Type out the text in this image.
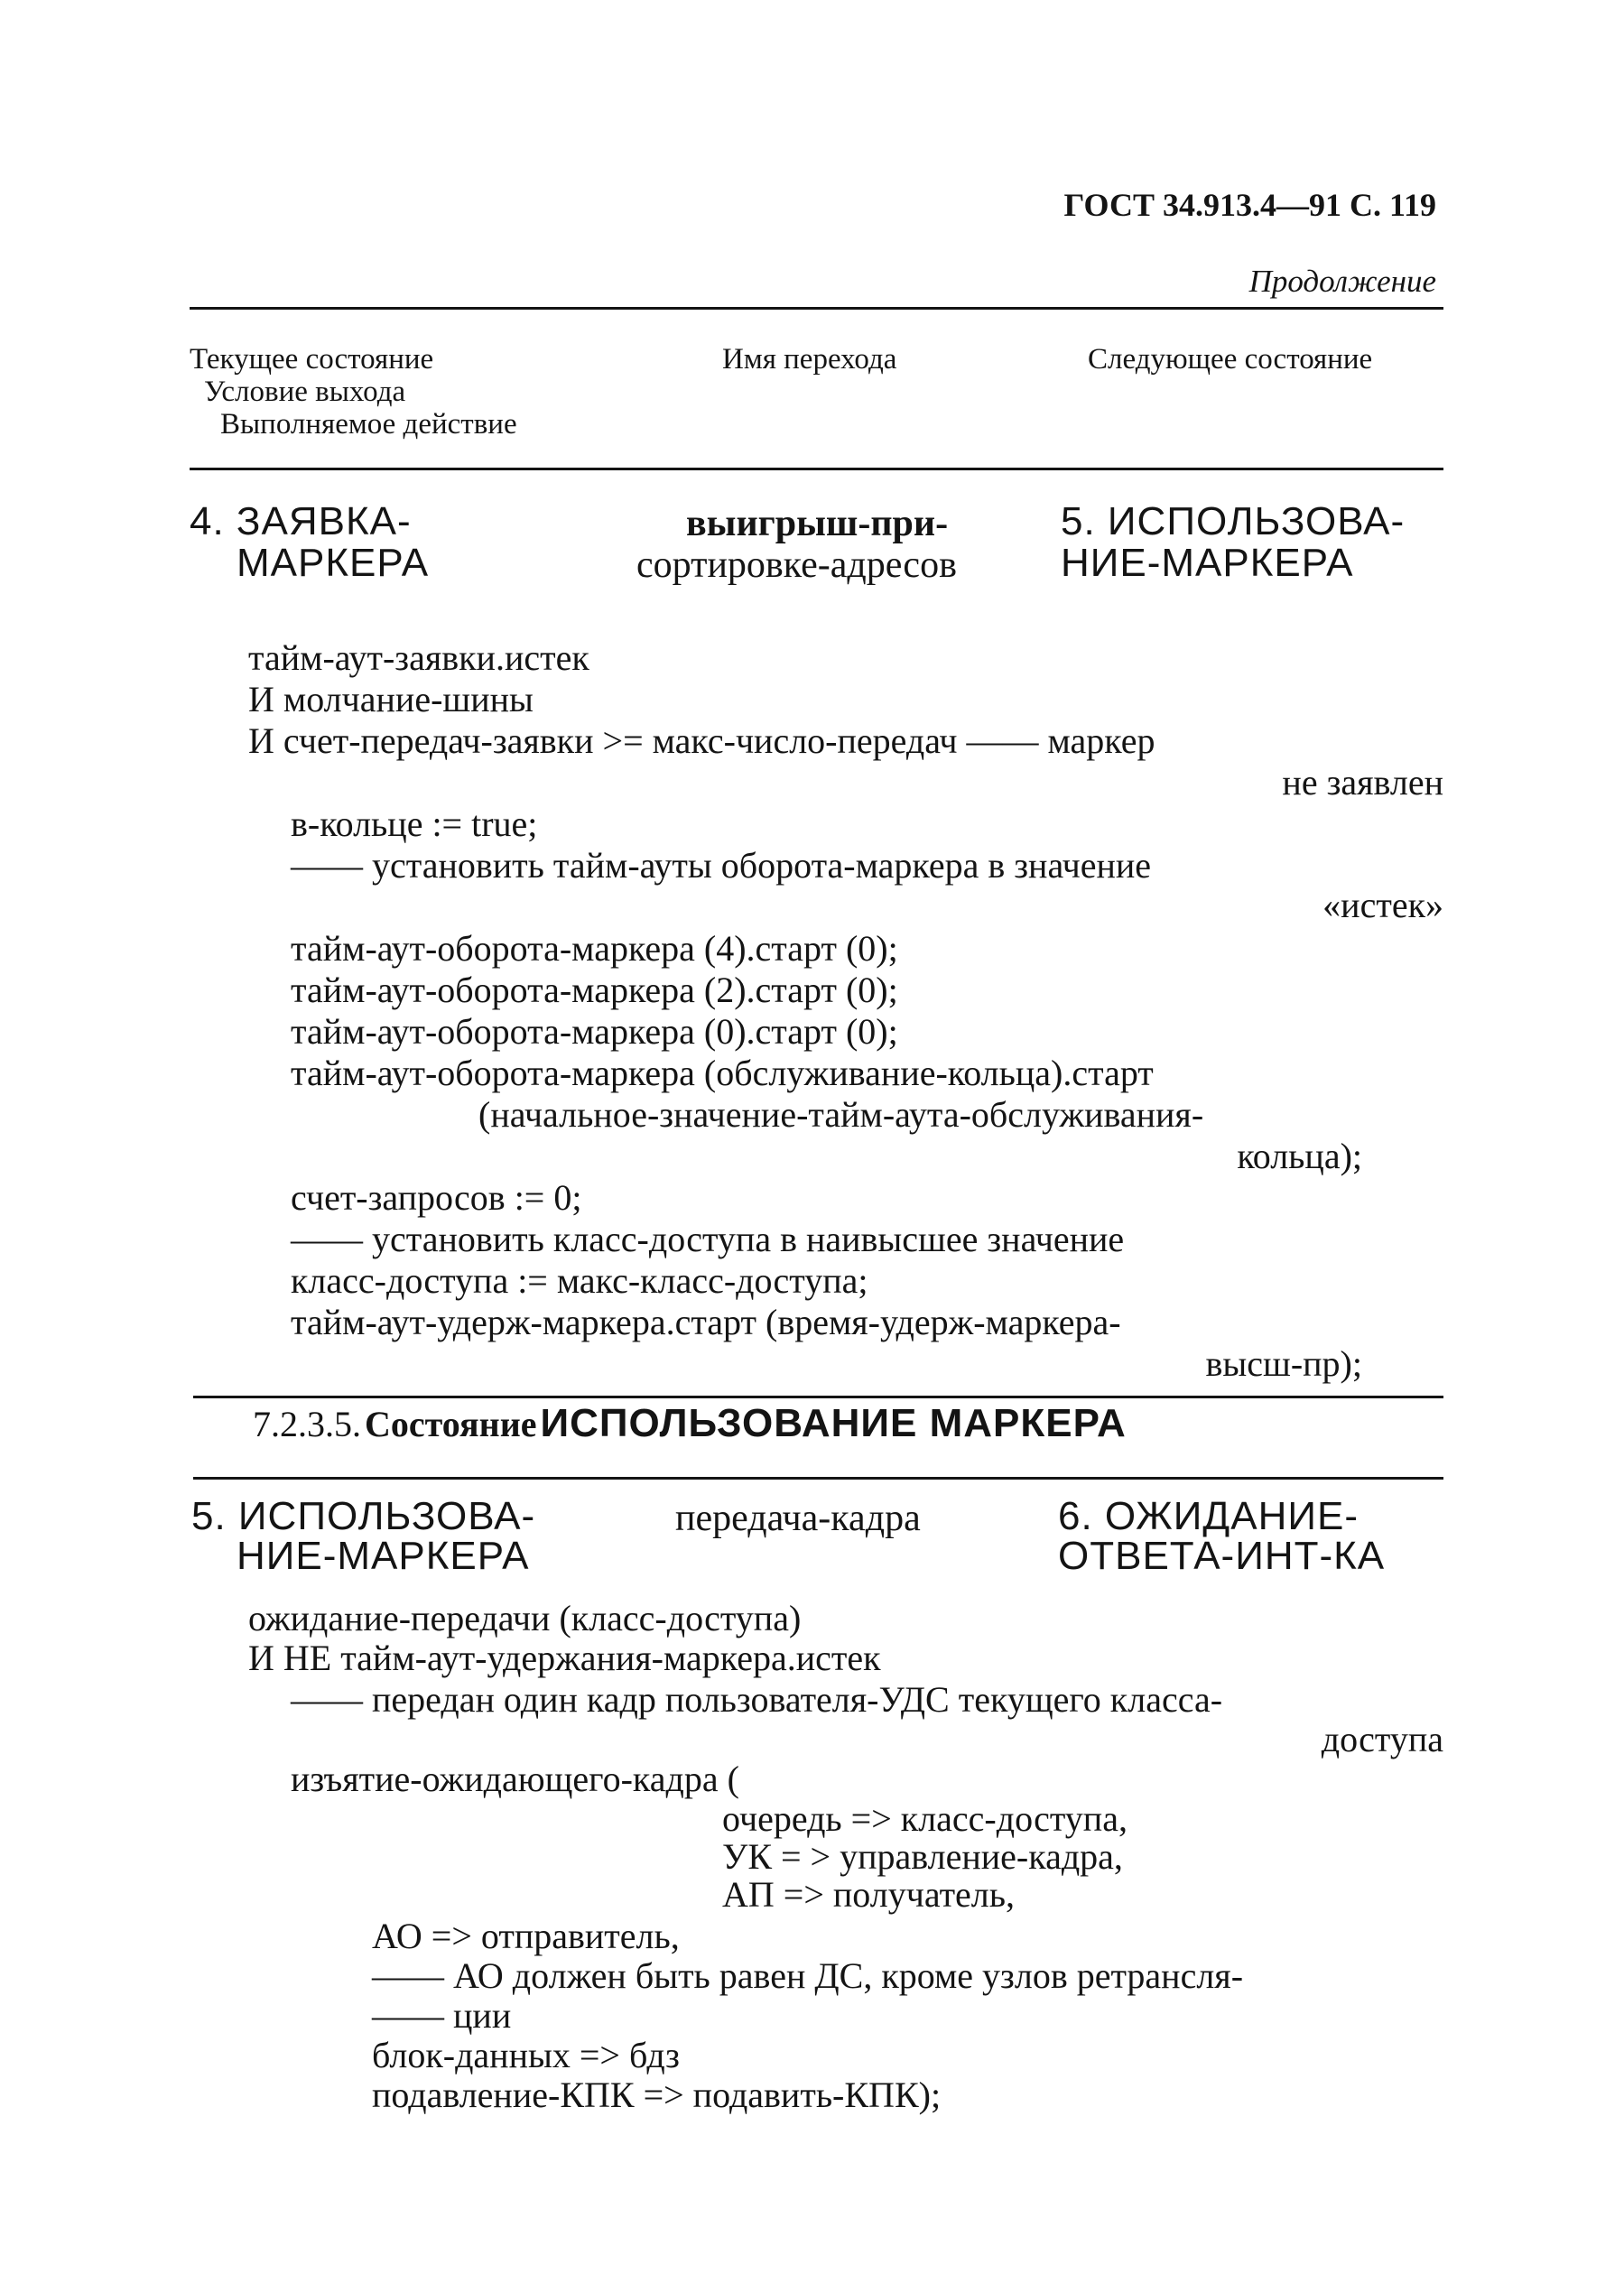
ГОСТ 34.913.4—91 С. 119
Продолжение
Текущее состояние
Условие выхода
Выполняемое действие
Имя перехода	Следующее состояние
4. ЗАЯВКА-
МАРКЕРА
выигрыш-при-
сортировке-адресов
5. ИСПОЛЬЗОВА-
НИЕ-МАРКЕРА
тайм-аут-заявки.истек
И молчание-шины
И счет-передач-заявки >= макс-число-передач —— маркер
не заявлен
в-кольце := true;
—— установить тайм-ауты оборота-маркера в значение
«истек»
тайм-аут-оборота-маркера (4).старт (0);
тайм-аут-оборота-маркера (2).старт (0);
тайм-аут-оборота-маркера (0).старт (0);
тайм-аут-оборота-маркера (обслуживание-кольца).старт
(начальное-значение-тайм-аута-обслуживания-
кольца);
счет-запросов := 0;
—— установить класс-доступа в наивысшее значение
класс-доступа := макс-класс-доступа;
тайм-аут-удерж-маркера.старт (время-удерж-маркера-
высш-пр);
7.2.3.5. Состояние ИСПОЛЬЗОВАНИЕ МАРКЕРА
5. ИСПОЛЬЗОВА-
НИЕ-МАРКЕРА
передача-кадра	6. ОЖИДАНИЕ-
ОТВЕТА-ИНТ-КА
ожидание-передачи (класс-доступа)
И НЕ тайм-аут-удержания-маркера.истек
—— передан один кадр пользователя-УДС текущего класса-
доступа
изъятие-ожидающего-кадра (
очередь => класс-доступа,
УК = > управление-кадра,
АП => получатель,
АО => отправитель,
—— АО должен быть равен ДС, кроме узлов ретрансля-
—— ции
блок-данных => бдз
подавление-КПК => подавить-КПК);
